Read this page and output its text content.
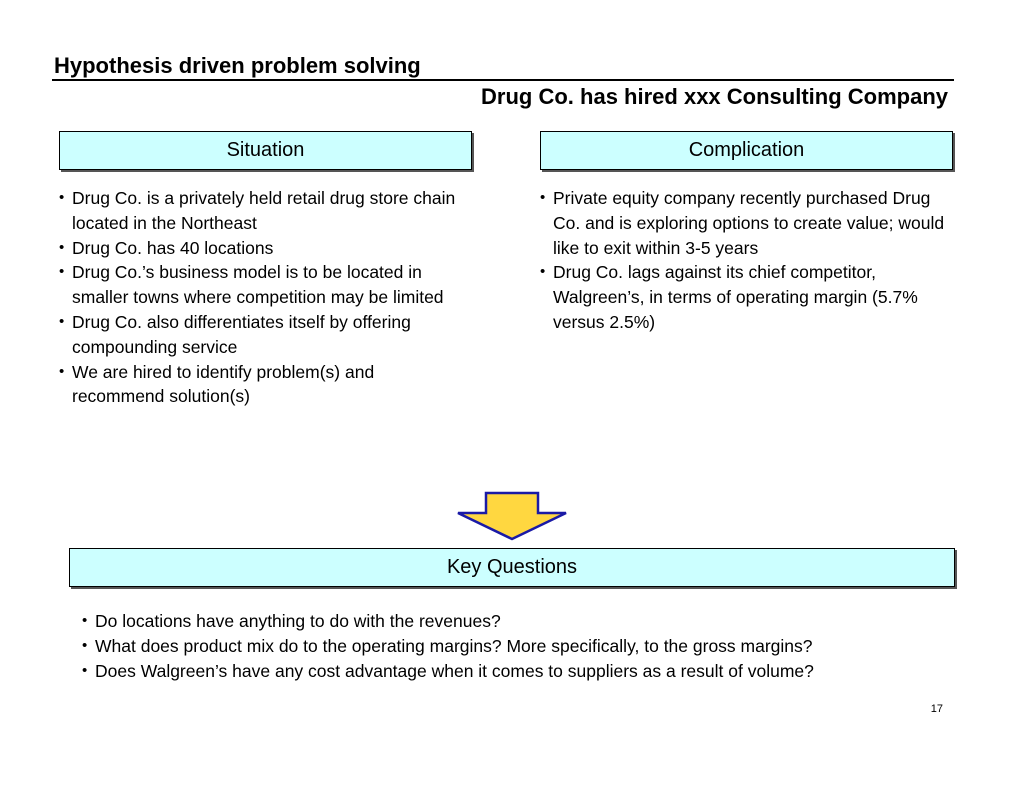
Hypothesis driven problem solving
Drug Co. has hired xxx Consulting Company
Situation	Complication
• Drug Co. is a privately held retail drug store chain located in the Northeast
• Drug Co. has 40 locations
• Drug Co.’s business model is to be located in smaller towns where competition may be limited
• Drug Co. also differentiates itself by offering compounding service
• We are hired to identify problem(s) and recommend solution(s)
• Private equity company recently purchased Drug Co. and is exploring options to create value; would like to exit within 3-5 years
• Drug Co. lags against its chief competitor, Walgreen’s, in terms of operating margin (5.7% versus 2.5%)
Key Questions
• Do locations have anything to do with the revenues?
• What does product mix do to the operating margins? More specifically, to the gross margins?
• Does Walgreen’s have any cost advantage when it comes to suppliers as a result of volume?
17
